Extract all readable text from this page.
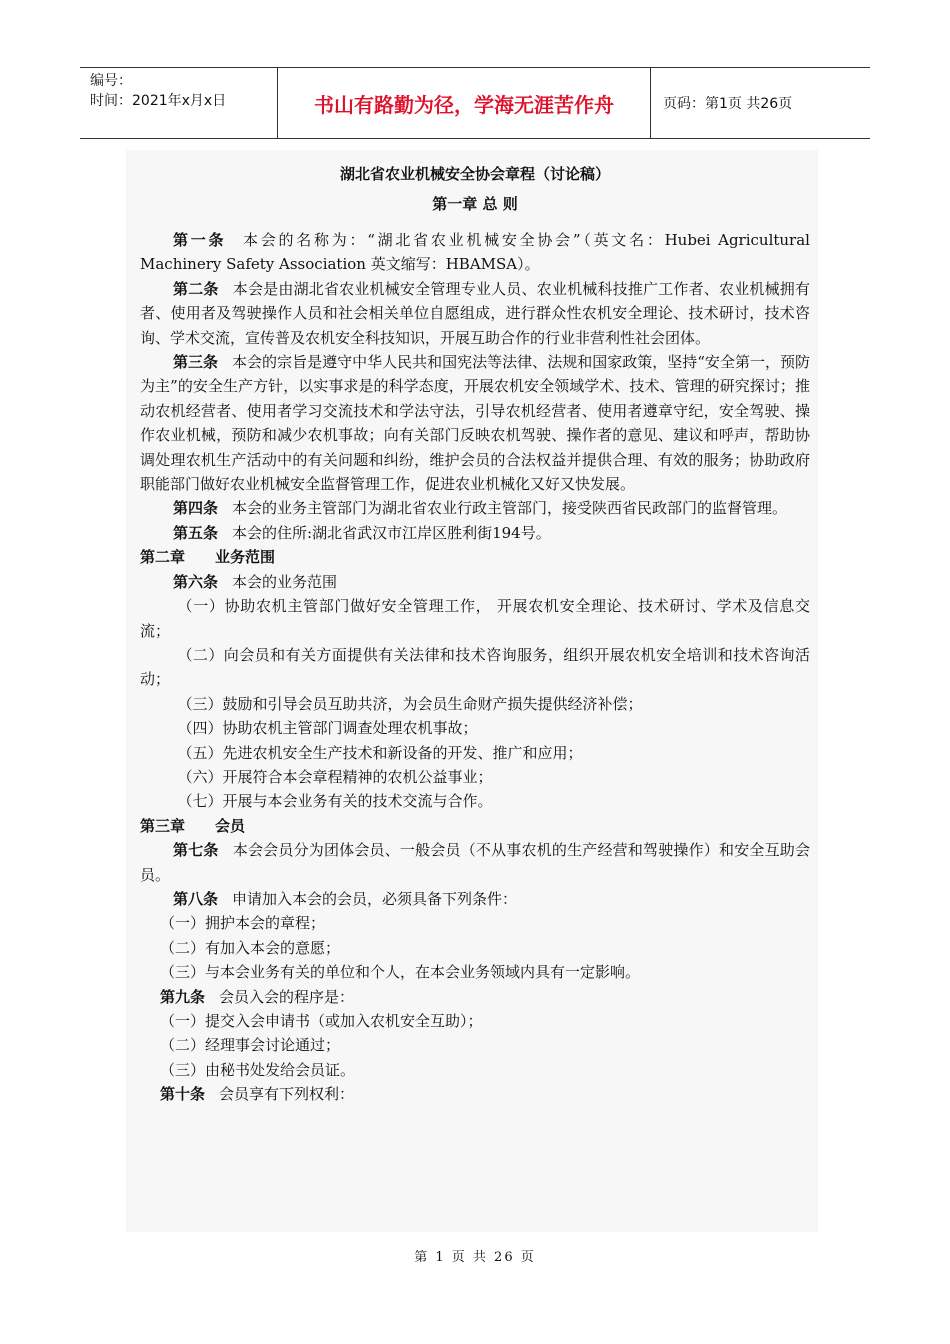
编号：
时间：2021年x月x日	书山有路勤为径，学海无涯苦作舟	页码：第1页 共26页

湖北省农业机械安全协会章程（讨论稿）

第一章 总 则

第一条 本会的名称为：“湖北省农业机械安全协会”（英文名：Hubei Agricultural Machinery Safety Association 英文缩写：HBAMSA）。

第二条 本会是由湖北省农业机械安全管理专业人员、农业机械科技推广工作者、农业机械拥有者、使用者及驾驶操作人员和社会相关单位自愿组成，进行群众性农机安全理论、技术研讨，技术咨询、学术交流，宣传普及农机安全科技知识，开展互助合作的行业非营利性社会团体。

第三条 本会的宗旨是遵守中华人民共和国宪法等法律、法规和国家政策，坚持“安全第一，预防为主”的安全生产方针，以实事求是的科学态度，开展农机安全领域学术、技术、管理的研究探讨；推动农机经营者、使用者学习交流技术和学法守法，引导农机经营者、使用者遵章守纪，安全驾驶、操作农业机械，预防和减少农机事故；向有关部门反映农机驾驶、操作者的意见、建议和呼声，帮助协调处理农机生产活动中的有关问题和纠纷，维护会员的合法权益并提供合理、有效的服务；协助政府职能部门做好农业机械安全监督管理工作，促进农业机械化又好又快发展。

第四条 本会的业务主管部门为湖北省农业行政主管部门，接受陕西省民政部门的监督管理。

第五条 本会的住所:湖北省武汉市江岸区胜利街194号。

第二章　　业务范围

第六条 本会的业务范围

（一）协助农机主管部门做好安全管理工作， 开展农机安全理论、技术研讨、学术及信息交流；

（二）向会员和有关方面提供有关法律和技术咨询服务，组织开展农机安全培训和技术咨询活动；

（三）鼓励和引导会员互助共济，为会员生命财产损失提供经济补偿；

（四）协助农机主管部门调查处理农机事故；

（五）先进农机安全生产技术和新设备的开发、推广和应用；

（六）开展符合本会章程精神的农机公益事业；

（七）开展与本会业务有关的技术交流与合作。

第三章　　会员

第七条 本会会员分为团体会员、一般会员（不从事农机的生产经营和驾驶操作）和安全互助会员。

第八条 申请加入本会的会员，必须具备下列条件：

（一）拥护本会的章程；

（二）有加入本会的意愿；

（三）与本会业务有关的单位和个人，在本会业务领域内具有一定影响。

第九条 会员入会的程序是：

（一）提交入会申请书（或加入农机安全互助）；

（二）经理事会讨论通过；

（三）由秘书处发给会员证。

第十条 会员享有下列权利：

第 1 页 共 26 页
